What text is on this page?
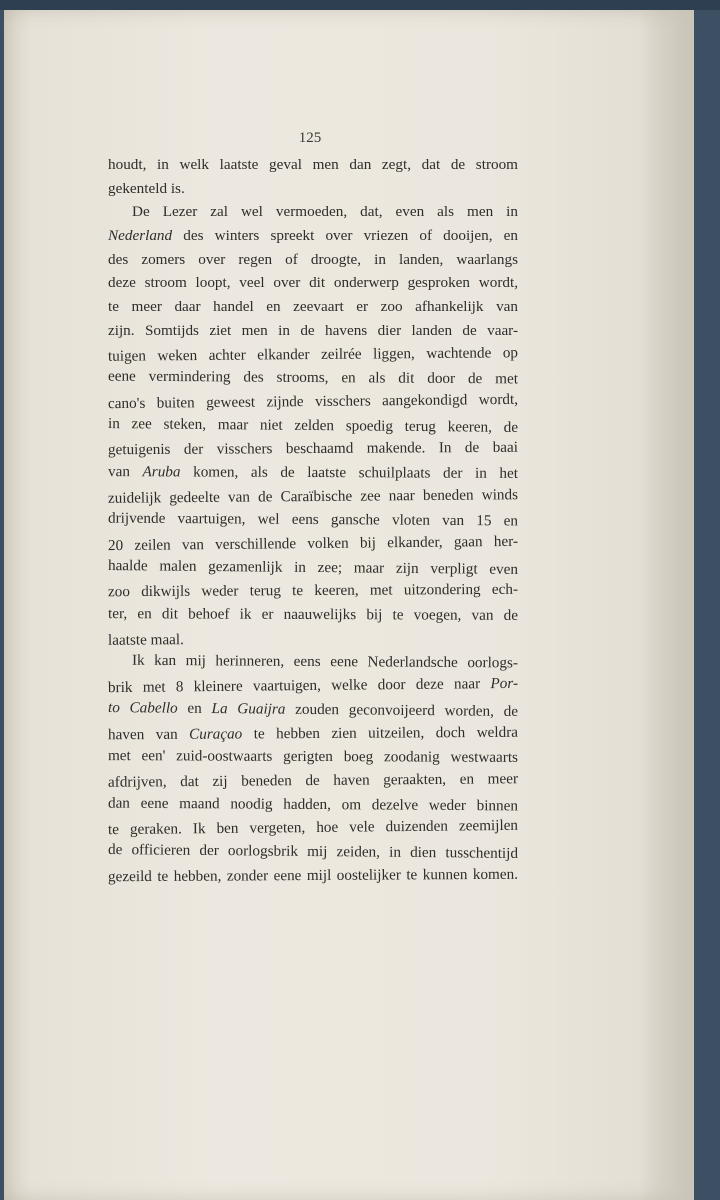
125
houdt, in welk laatste geval men dan zegt, dat de stroom
gekenteld is.
De Lezer zal wel vermoeden, dat, even als men in
Nederland des winters spreekt over vriezen of dooijen, en
des zomers over regen of droogte, in landen, waarlangs
deze stroom loopt, veel over dit onderwerp gesproken wordt,
te meer daar handel en zeevaart er zoo afhankelijk van
zijn. Somtijds ziet men in de havens dier landen de vaar-
tuigen weken achter elkander zeilrée liggen, wachtende op
eene vermindering des strooms, en als dit door de met
cano's buiten geweest zijnde visschers aangekondigd wordt,
in zee steken, maar niet zelden spoedig terug keeren, de
getuigenis der visschers beschaamd makende. In de baai
van Aruba komen, als de laatste schuilplaats der in het
zuidelijk gedeelte van de Caraïbische zee naar beneden winds
drijvende vaartuigen, wel eens gansche vloten van 15 en
20 zeilen van verschillende volken bij elkander, gaan her-
haalde malen gezamenlijk in zee; maar zijn verpligt even
zoo dikwijls weder terug te keeren, met uitzondering ech-
ter, en dit behoef ik er naauwelijks bij te voegen, van de
laatste maal.
Ik kan mij herinneren, eens eene Nederlandsche oorlogs-
brik met 8 kleinere vaartuigen, welke door deze naar Por-
to Cabello en La Guaijra zouden geconvoijeerd worden, de
haven van Curaçao te hebben zien uitzeilen, doch weldra
met een' zuid-oostwaarts gerigten boeg zoodanig westwaarts
afdrijven, dat zij beneden de haven geraakten, en meer
dan eene maand noodig hadden, om dezelve weder binnen
te geraken. Ik ben vergeten, hoe vele duizenden zeemijlen
de officieren der oorlogsbrik mij zeiden, in dien tusschentijd
gezeild te hebben, zonder eene mijl oostelijker te kunnen komen.
